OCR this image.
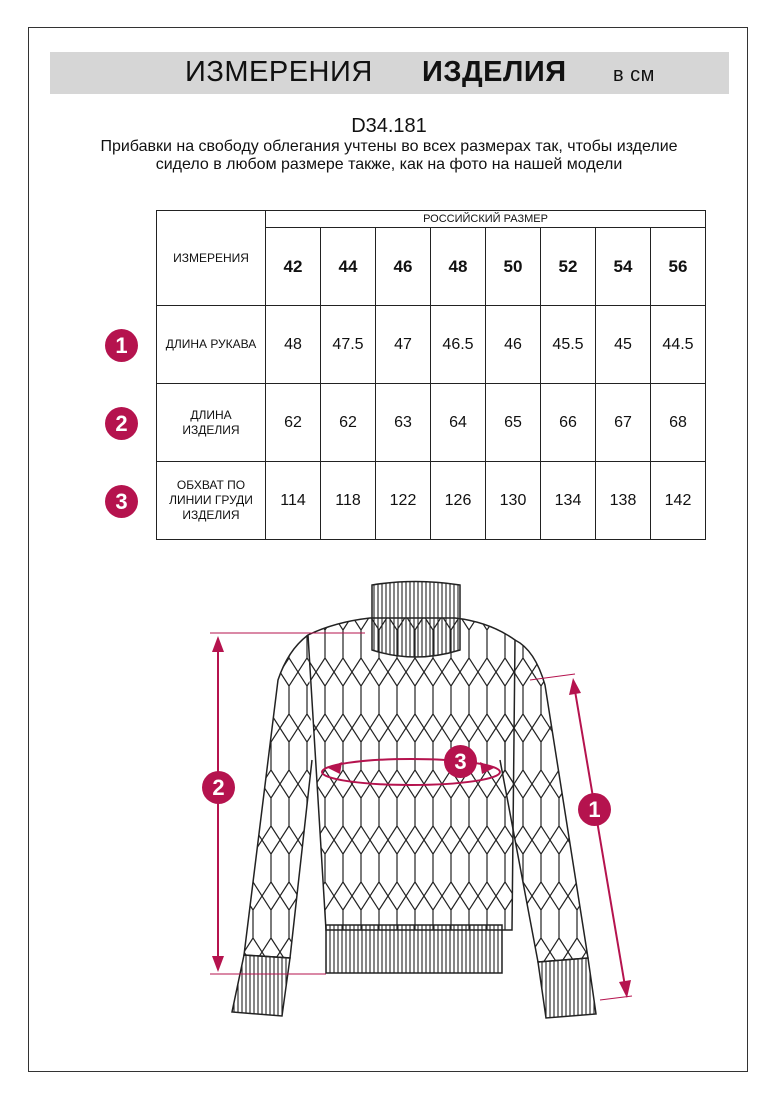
ИЗМЕРЕНИЯ ИЗДЕЛИЯ в см
D34.181
Прибавки на свободу облегания учтены во всех размерах так, чтобы изделие сидело в любом размере также, как на фото на нашей модели
ИЗМЕРЕНИЯ	РОССИЙСКИЙ РАЗМЕР							
	42	44	46	48	50	52	54	56
ДЛИНА РУКАВА	48	47.5	47	46.5	46	45.5	45	44.5

ДЛИНА ИЗДЕЛИЯ	62	62	63	64	65	66	67	68

ОБХВАТ ПО ЛИНИИ ГРУДИ ИЗДЕЛИЯ	114	118	122	126	130	134	138	142
1
2
3
2
3
1
